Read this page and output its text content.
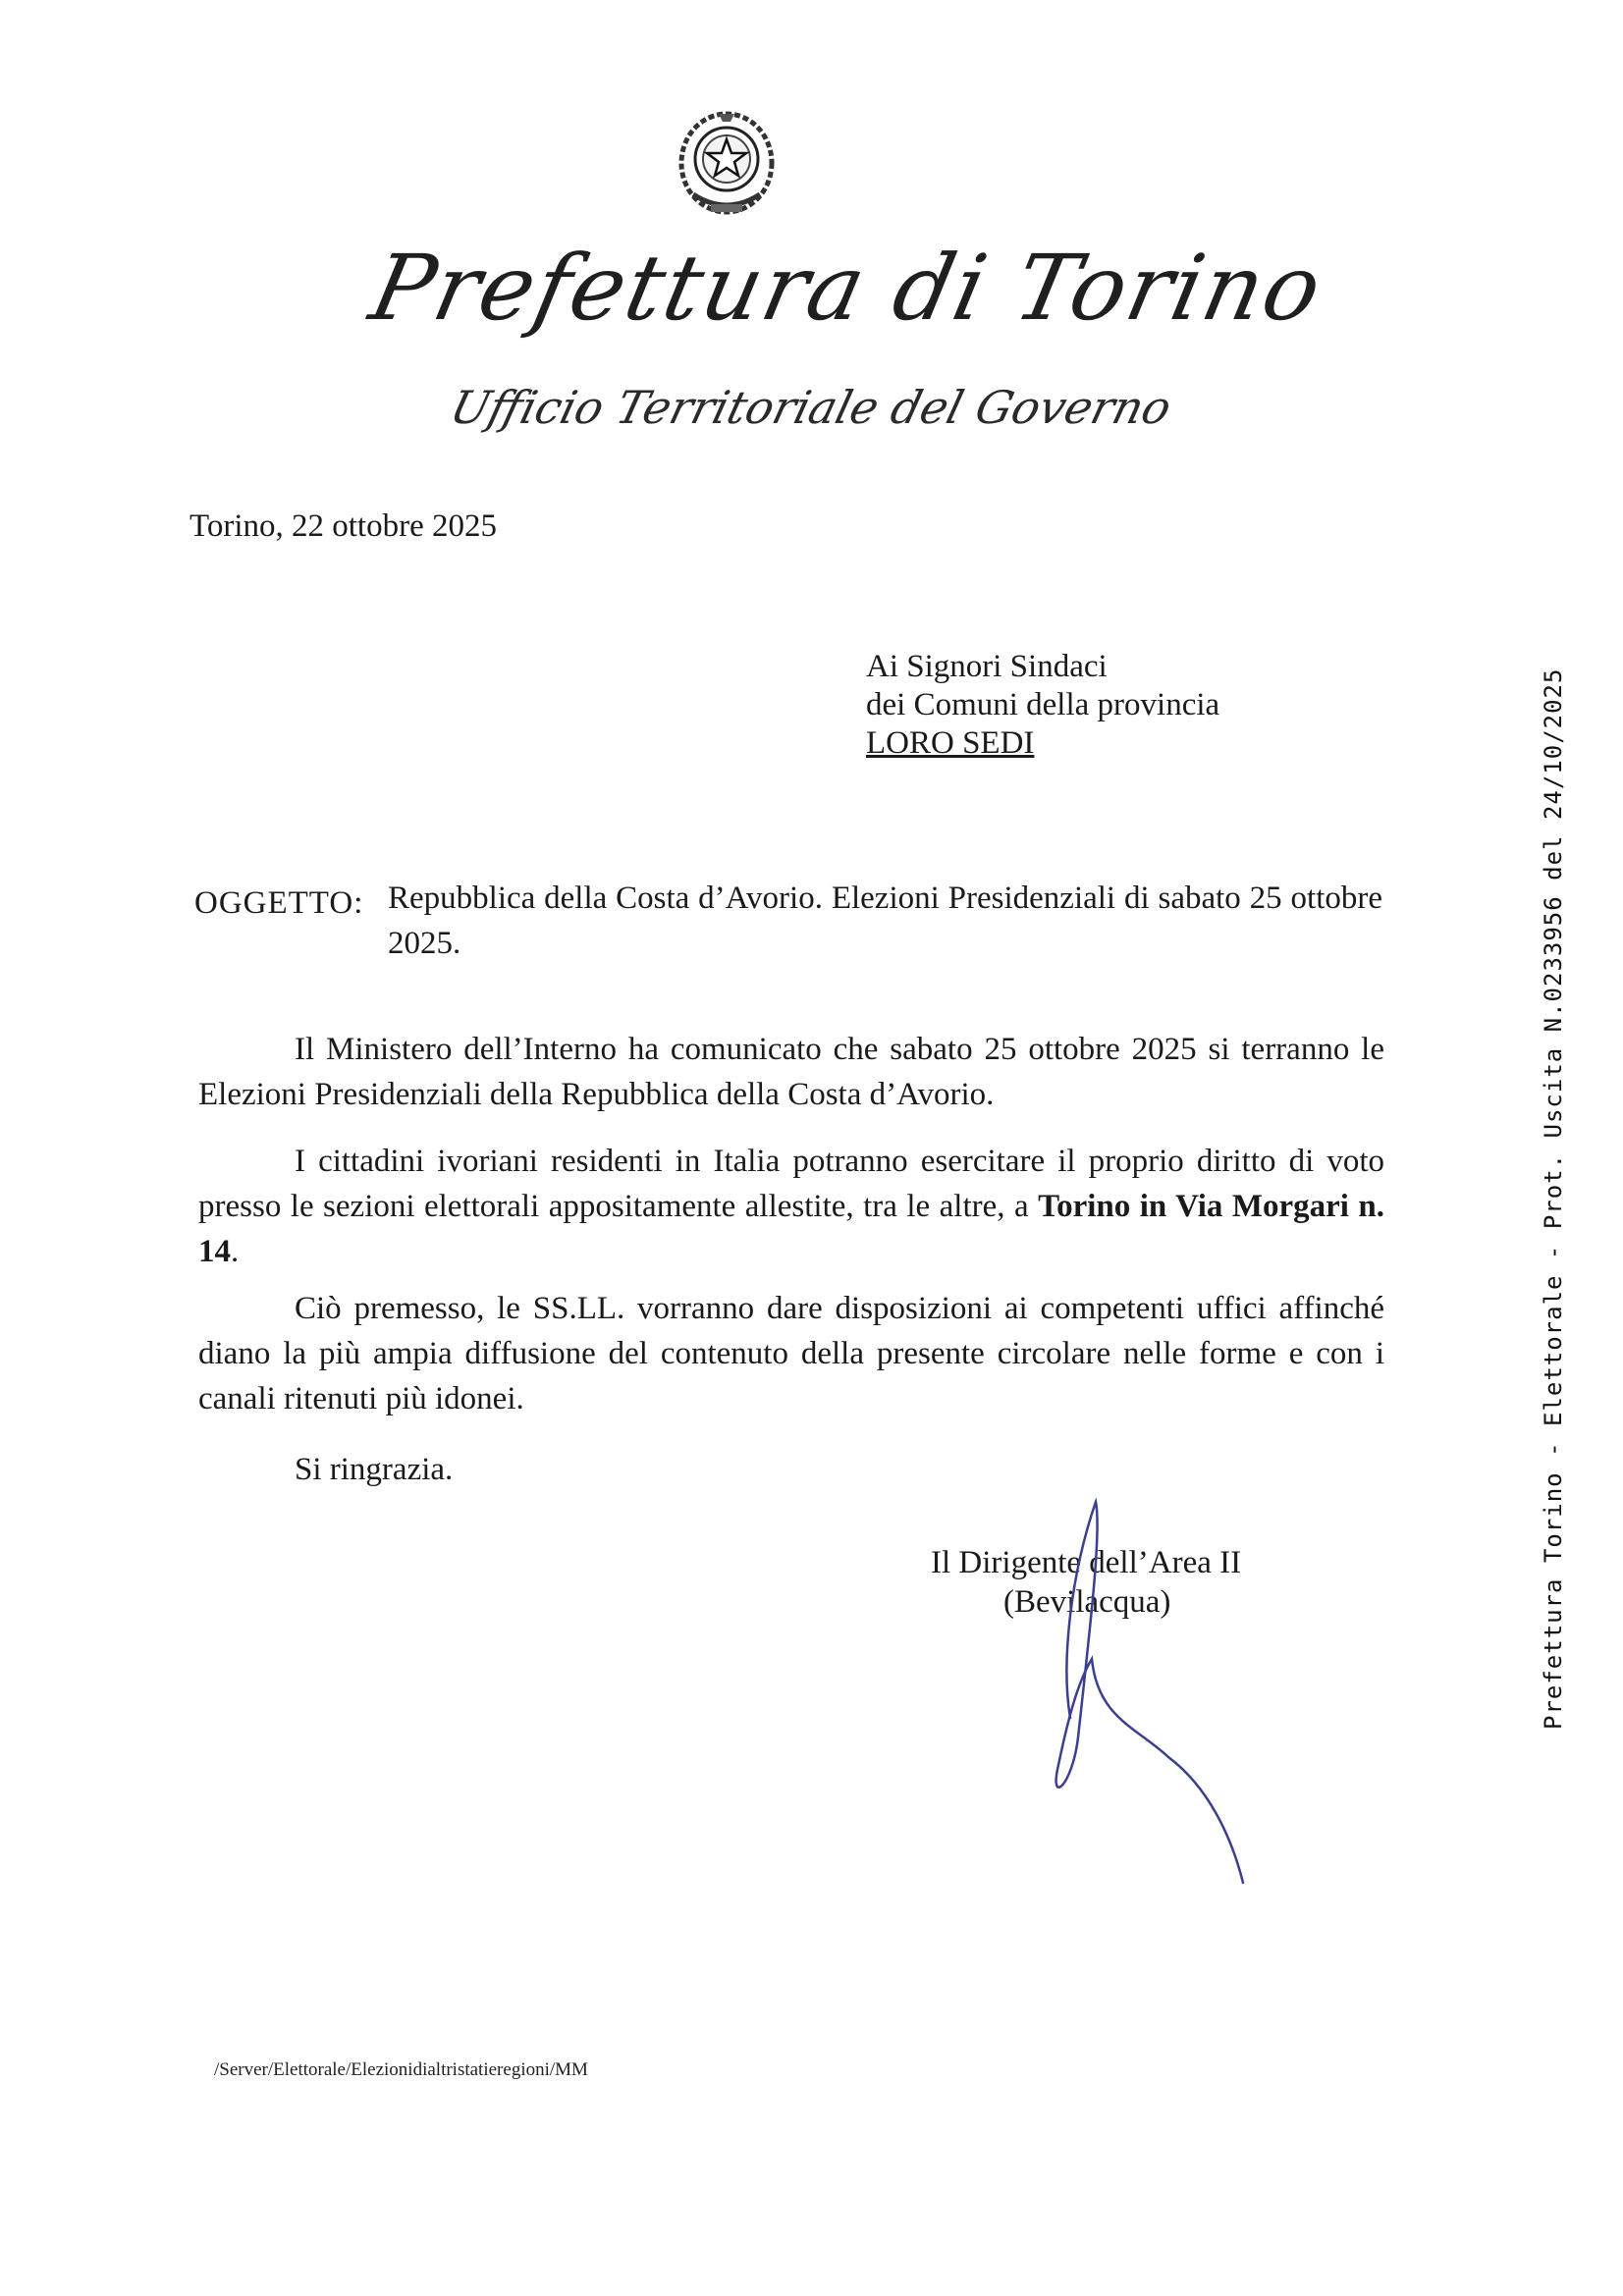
Prefettura di Torino
Ufficio Territoriale del Governo
Torino, 22 ottobre 2025
Ai Signori Sindaci
dei Comuni della provincia
LORO SEDI
OGGETTO: Repubblica della Costa d’Avorio. Elezioni Presidenziali di sabato 25 ottobre 2025.
Il Ministero dell’Interno ha comunicato che sabato 25 ottobre 2025 si terranno le Elezioni Presidenziali della Repubblica della Costa d’Avorio.
I cittadini ivoriani residenti in Italia potranno esercitare il proprio diritto di voto presso le sezioni elettorali appositamente allestite, tra le altre, a Torino in Via Morgari n. 14.
Ciò premesso, le SS.LL. vorranno dare disposizioni ai competenti uffici affinché diano la più ampia diffusione del contenuto della presente circolare nelle forme e con i canali ritenuti più idonei.
Si ringrazia.
Il Dirigente dell’Area II
(Bevilacqua)
/Server/Elettorale/Elezionidialtristatieregioni/MM
Prefettura Torino - Elettorale - Prot. Uscita N.0233956 del 24/10/2025
